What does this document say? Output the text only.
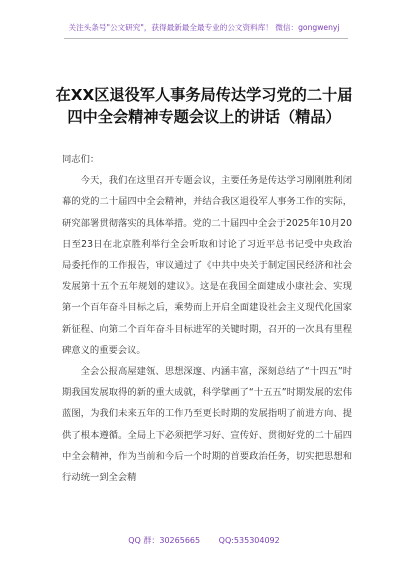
关注头条号"公文研究"，获得最新最全最专业的公文资料库！ 微信：gongwenyj
在XX区退役军人事务局传达学习党的二十届
四中全会精神专题会议上的讲话（精品）

同志们：

今天，我们在这里召开专题会议，主要任务是传达学习刚刚胜利闭幕的党的二十届四中全会精神，并结合我区退役军人事务工作的实际，研究部署贯彻落实的具体举措。党的二十届四中全会于2025年10月20日至23日在北京胜利举行全会听取和讨论了习近平总书记受中央政治局委托作的工作报告，审议通过了《中共中央关于制定国民经济和社会发展第十五个五年规划的建议》。这是在我国全面建成小康社会、实现第一个百年奋斗目标之后，乘势而上开启全面建设社会主义现代化国家新征程、向第二个百年奋斗目标进军的关键时期，召开的一次具有里程碑意义的重要会议。

全会公报高屋建瓴、思想深邃、内涵丰富，深刻总结了“十四五”时期我国发展取得的新的重大成就，科学擘画了“十五五”时期发展的宏伟蓝图，为我们未来五年的工作乃至更长时期的发展指明了前进方向、提供了根本遵循。全局上下必须把学习好、宣传好、贯彻好党的二十届四中全会精神，作为当前和今后一个时期的首要政治任务，切实把思想和行动统一到全会精

QQ 群：30265665 QQ:535304092
